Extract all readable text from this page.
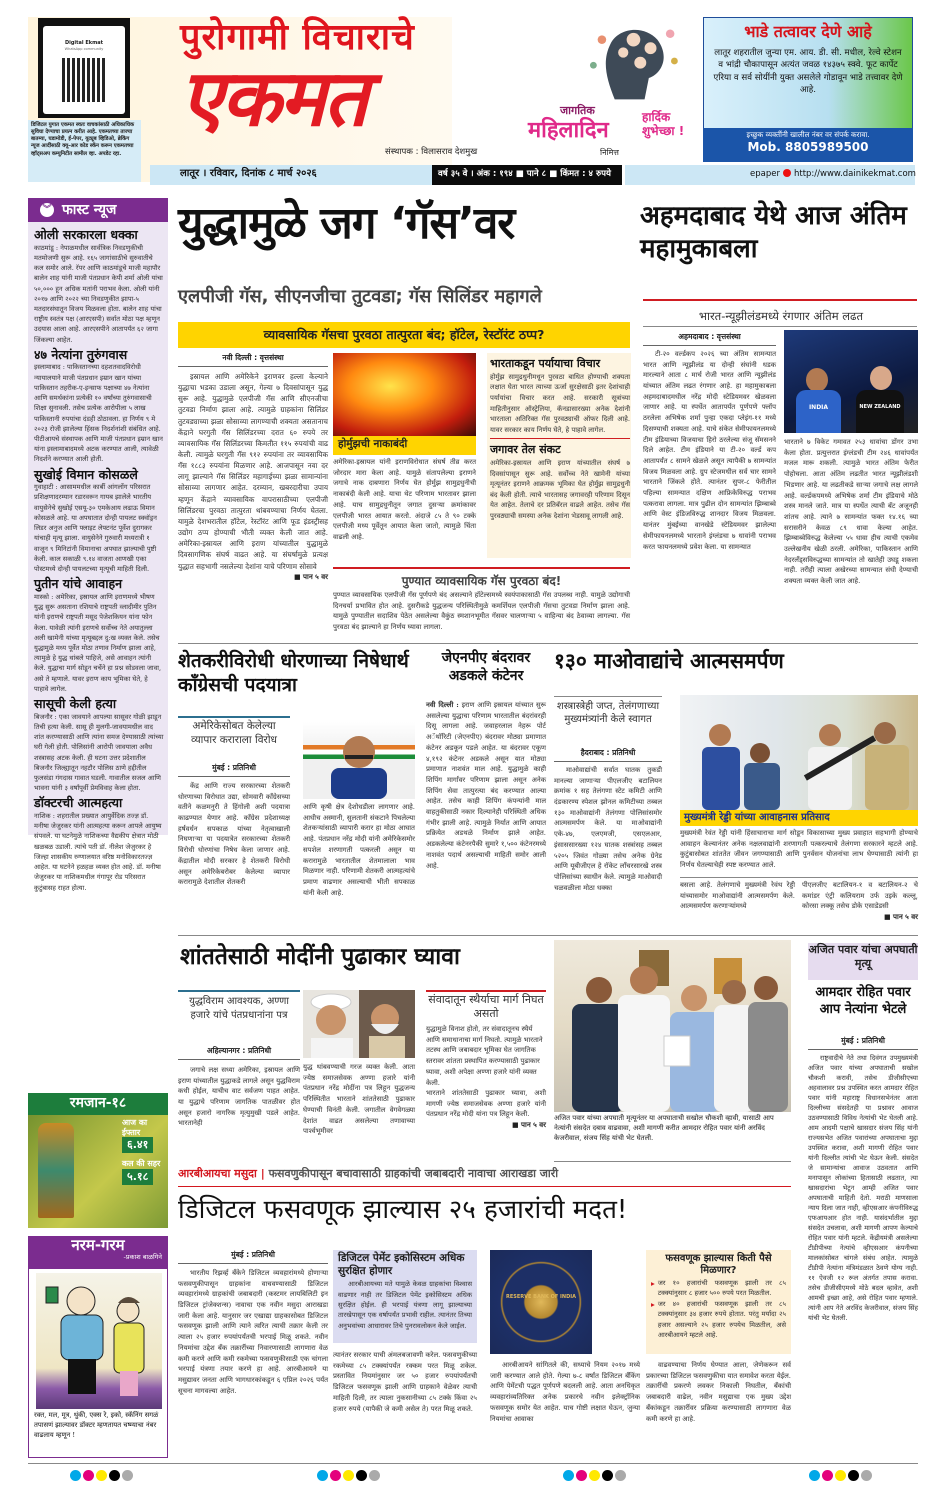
Digital Ekmat
WhatsApp community
डिजिटल युगात एकमत स्वतः वाचकांसाठी अधिकाधिक सुविधा देण्याचा प्रयत्न करीत आहे. एकमतच्या ताज्या बातम्या, घडामोडी, ई-पेपर, यूट्यूब व्हिडिओ, ब्रेकिंग न्यूज आदींसाठी क्यू-आर कोड स्कॅन करून एकमतच्या व्हॉट्सअप कम्युनिटीत सामील व्हा. अपडेट रहा.
पुरोगामी विचाराचे
एकमत
संस्थापक : विलासराव देशमुख
जागतिक
महिलादिन
हार्दिक शुभेच्छा !
निमित्त
भाडे तत्वावर देणे आहे
लातूर शहरातील जुन्या एम. आय. डी. सी. मधील, रेल्वे स्टेशन व भांद्री चौकापासून अत्यंत जवळ १४३७५ स्क्वे. फूट कार्पेट एरिया व सर्व सोयींनी युक्त असलेले गोडावून भाडे तत्त्वावर देणे आहे.
इच्छुक व्यक्तींनी खालील नंबर वर संपर्क करावा.
Mob. 8805989500
लातूर । रविवार, दिनांक ८ मार्च २०२६	वर्ष ३५ वे । अंक : १९४ ■ पाने ८ ■ किंमत : ४ रुपये	epaper http://www.dainikekmat.com
︾ फास्ट न्यूज
ओली सरकारला धक्का
काठमांडू : नेपाळमधील सार्वत्रिक निवडणुकीची मतमोजणी सुरू आहे. १६५ जागांसाठीचे सुरुवातीचे कल समोर आले. रॅपर आणि काठमांडूचे माजी महापौर बालेन शाह यांनी माजी पंतप्रधान केपी शर्मा ओली यांचा ५०,००० हून अधिक मतांनी पराभव केला. ओली यांनी २०१७ आणि २०२२ च्या निवडणुकीत झापा-५ मतदारसंघातून विजय मिळवला होता. बालेन शाह यांचा राष्ट्रीय स्वतंत्र पक्ष (आरएसपी) सर्वात मोठा पक्ष म्हणून उदयास आला आहे. आरएसपीने आतापर्यंत ६२ जागा जिंकल्या आहेत.
४७ नेत्यांना तुरुंगवास
इस्लामाबाद : पाकिस्तानच्या दहशतवादविरोधी न्यायालयाने माजी पंतप्रधान इम्रान खान यांच्या पाकिस्तान तहरीक-ए-इन्साफ पक्षाच्या ४७ नेत्यांना आणि समर्थकांना प्रत्येकी १० वर्षांच्या तुरुंगवासाची शिक्षा सुनावली. तसेच प्रत्येक आरोपीला ५ लाख पाकिस्तानी रुपयांचा दंडही ठोठावला. हा निर्णय ९ मे २०२३ रोजी झालेल्या हिंसक निदर्शनांशी संबंधित आहे. पीटीआयचे संस्थापक आणि माजी पंतप्रधान इम्रान खान यांना इस्लामाबादमध्ये अटक करण्यात आली, त्यावेळी निदर्शने करण्यात आली होती.
सुखोई विमान कोसळले
गुवाहाटी : आसाममधील कार्बी आंगलोंग परिसरात प्रशिक्षणादरम्यान रडारवरून गायब झालेले भारतीय वायुसेनेचे सुखोई एसयू-३० एमकेआय लढाऊ विमान कोसळले आहे. या अपघातात दोन्ही पायलट स्क्वॉड्रन लिडर अनुज आणि फ्लाइट लेफ्टनंट पूर्वेश दुरागकर यांचाही मृत्यू झाला. वायुसेनेने गुरुवारी मध्यरात्री १ वाजून ९ मिनिटांनी विमानाचा अपघात झाल्याची पुष्टी केली. काल सकाळी ९.१४ वाजता आणखी एका पोस्टमध्ये दोन्ही पायलटच्या मृत्यूची माहिती दिली.
पुतीन यांचे आवाहन
मास्को : अमेरिका, इस्रायल आणि इराणमध्ये भीषण युद्ध सुरू असताना रशियाचे राष्ट्रपती व्लादीमीर पुतिन यांनी इराणचे राष्ट्रपती मसूद पेजेशकियन यांना फोन केला. यावेळी त्यांनी इराणचे सर्वोच्च नेते अयातुल्ला अली खामेनी यांच्या मृत्यूबद्दल दु:ख व्यक्त केले. तसेच युद्धामुळे मध्य पूर्वेत मोठा तणाव निर्माण झाला आहे, त्यामुळे हे युद्ध थांबले पाहिजे, असे आवाहन त्यांनी केले. युद्धाचा मार्ग सोडून चर्चेने हा प्रश्न सोडवला जावा, असे ते म्हणाले. यावर इराण काय भूमिका घेते, हे पाहावे लागेल.
सासूची केली हत्या
बिजनौर : एका जावयाने आपल्या सासूवर गोळी झाडून तिची हत्या केली. सासू ही मुलगी-जावयामधील वाद शांत करण्यासाठी आणि त्यांना समज देण्यासाठी त्यांच्या घरी गेली होती. पोलिसांनी आरोपी जावयाला अवैध शस्त्रासह अटक केली. ही घटना उत्तर प्रदेशातील बिजनौर जिल्ह्यातून नहटौर पोलिस ठाणे हद्दीतील फुलसंडा गंगदास गावात घडली. गावातील सजल आणि भावना यांनी ३ वर्षांपूर्वी प्रेमविवाह केला होता.
डॉक्टरची आत्महत्या
नाशिक : शहरातील प्रख्यात आयुर्वेदिक तज्ज्ञ डॉ. मनीषा जेजुरकर यांनी आत्महत्या करून आपले आयुष्य संपवले. या घटनेमुळे नाशिकच्या वैद्यकीय क्षेत्रात मोठी खळबळ उडाली. त्यांचे पती डॉ. नीलेश जेजुरकर हे जिल्हा शासकीय रुग्णालयात वरिष्ठ मनोविकारतज्ज्ञ आहेत. या घटनेने हळहळ व्यक्त होत आहे. डॉ. मनीषा जेजुरकर या नाशिकमधील गंगापूर रोड परिसरात कुटुंबासह राहत होत्या.
रमजान-१८
आज का ईफ्तार
६.४१
कल की सहर
५.१८
नरम-गरम
-प्रकाश बाळगिने
रक्त, मल, मूत्र, थुंकी, एक्स रे, इको, स्कॅनिंग सगळं तपासणं झाल्यावर डॉक्टर म्हणतायत चष्म्याचा नंबर वाढलाय म्हणून !
युद्धामुळे जग ‘गॅस’वर
एलपीजी गॅस, सीएनजीचा तुटवडा; गॅस सिलिंडर महागले
व्यावसायिक गॅसचा पुरवठा तात्पुरता बंद; हॉटेल, रेस्टॉरंट ठप्प?
नवी दिल्ली : वृत्तसंस्था
इस्रायल आणि अमेरिकेने इराणवर हल्ला केल्याने युद्धाचा भडका उडाला असून, गेल्या ७ दिवसांपासून युद्ध सुरू आहे. युद्धामुळे एलपीजी गॅस आणि सीएनजीचा तुटवडा निर्माण झाला आहे. त्यामुळे ग्राहकांना सिलिंडर तुटवड्याच्या झळा सोसाव्या लागण्याची शक्यता असतानाच केंद्राने घरगुती गॅस सिलिंडरच्या दरात ६० रुपये तर व्यावसायिक गॅस सिलिंडरच्या किमतीत ११५ रुपयांची वाढ केली. त्यामुळे घरगुती गॅस ९१२ रुपयांना तर व्यावसायिक गॅस १८८३ रुपयांना मिळणार आहे. आजपासून नवा दर लागू झाल्याने गॅस सिलिंडर महागाईच्या झळा सामान्यांना सोसाव्या लागणार आहेत. दरम्यान, खबरदारीचा उपाय म्हणून केंद्राने व्यावसायिक वापरासाठीच्या एलपीजी सिलिंडरचा पुरवठा तात्पुरता थांबवण्याचा निर्णय घेतला. यामुळे देशभरातील हॉटेल, रेस्टॉरंट आणि फूड इंडस्ट्रीसह उद्योग ठप्प होण्याची भीती व्यक्त केली जात आहे. अमेरिका-इस्रायल आणि इराण यांच्यातील युद्धामुळे दिवसागणिक संघर्ष वाढत आहे. या संघर्षामुळे प्रत्यक्ष युद्धात सहभागी नसलेल्या देशांना याचे परिणाम सोसावे
■ पान ५ वर
होर्मुझची नाकाबंदी
अमेरिका-इस्रायल यांनी इराणविरोधात संघर्ष तीव्र करत जोरदार मारा केला आहे. यामुळे संतापलेल्या इराणने जगाचे नाक दाबणारा निर्णय घेत होर्मुझ सामुद्रधुनीची नाकाबंदी केली आहे. याचा थेट परिणाम भारतावर झाला आहे. याच सामुद्रधुनीतून जगात दुसऱ्या क्रमांकावर एलपीजी भारत आयात करतो. अंदाजे ८५ ते ९० टक्के एलपीजी मध्य पूर्वेतून आयात केला जातो, त्यामुळे चिंता वाढली आहे.
भारताकडून पर्यायाचा विचार
होर्मुझ सामुद्रधुनीमधून पुरवठा बाधित होण्याची शक्यता लक्षात घेता भारत त्याच्या ऊर्जा सुरक्षेसाठी इतर देशांचाही पर्यायांचा विचार करत आहे. सरकारी सूत्रांच्या माहितीनुसार ऑस्ट्रेलिया, कॅनडासारख्या अनेक देशांनी भारताला अतिरिक्त गॅस पुरवठ्याची ऑफर दिली आहे. यावर सरकार काय निर्णय घेते, हे पाहावे लागेल.
जगावर तेल संकट
अमेरिका-इस्रायल आणि इराण यांच्यातील संघर्ष ७ दिवसांपासून सुरू आहे. सर्वोच्च नेते खामेनी यांच्या मृत्यूनंतर इराणने आक्रमक भूमिका घेत होर्मुझ सामुद्रधुनी बंद केली होती. त्याचे भारतासह जगावरही परिणाम दिसून येत आहेत. तेलाचे दर प्रतिबॅरल वाढले आहेत. तसेच गॅस पुरवठ्याची समस्या अनेक देशांना भेडसावू लागली आहे.
पुण्यात व्यावसायिक गॅस पुरवठा बंद!
पुण्यात व्यावसायिक एलपीजी गॅस पूर्णपणे बंद असल्याने हॉटेल्समध्ये स्वयंपाकासाठी गॅस उपलब्ध नाही. यामुळे उद्योगाची दिनचर्या प्रभावित होत आहे. दुसरीकडे युद्धजन्य परिस्थितीमुळे कमर्शियल एलपीजी गॅसचा तुटवडा निर्माण झाला आहे. यामुळे पुण्यातील सदाशिव पेठेत असलेल्या वैकुंठ स्मशानभूमीत गॅसवर चालणाऱ्या ५ वाहिन्या बंद ठेवाव्या लागल्या. गॅस पुरवठा बंद झाल्याने हा निर्णय घ्यावा लागला.
अहमदाबाद येथे आज अंतिम महामुकाबला
भारत-न्यूझीलंडमध्ये रंगणार अंतिम लढत
अहमदाबाद : वृत्तसंस्था
टी-२० वर्ल्डकप २०२६ च्या अंतिम सामन्यात भारत आणि न्यूझीलंड या दोन्ही संघांनी धडक मारल्याने आता ८ मार्च रोजी भारत आणि न्यूझीलंड यांच्यात अंतिम लढत रंगणार आहे. हा महामुकाबला अहमदाबादमधील नरेंद्र मोदी स्टेडियमवर खेळवला जाणार आहे. या स्पर्धेत आतापर्यंत पूर्णपणे फ्लॉप ठरलेला अभिषेक शर्मा पुन्हा एकदा प्लेइंग-११ मध्ये दिसण्याची शक्यता आहे. याचे संकेत सेमीफायनलमध्ये टीम इंडियाच्या विजयाचा हिरो ठरलेल्या संजू सॅमसनने दिले आहेत. टीम इंडियाने या टी-२० वर्ल्ड कप आतापर्यंत ८ सामने खेळले असून त्यापैकी ७ सामन्यांत विजय मिळवला आहे. ग्रुप स्टेजमधील सर्व चार सामने भारताने जिंकले होते. त्यानंतर सुपर-८ फेरीतील पहिल्या सामन्यात दक्षिण आफ्रिकेविरुद्ध पराभव पत्करावा लागला. मात्र पुढील दोन सामन्यांत झिम्बाब्वे आणि वेस्ट इंडिजविरुद्ध शानदार विजय मिळवला. यानंतर मुंबईच्या वानखेडे स्टेडियमवर झालेल्या सेमीफायनलमध्ये भारताने इंग्लंडचा ७ धावांनी पराभव करत फायनलमध्ये प्रवेश केला. या सामन्यात
INDIA	NEW ZEALAND
भारताने ७ विकेट गमावत २५३ धावांचा डोंगर उभा केला होता. प्रत्युत्तरात इंग्लंडची टीम २४६ धावांपर्यंत मजल मारू शकली. त्यामुळे भारत अंतिम फेरीत पोहोचला. आता अंतिम लढतीत भारत न्यूझीलंडशी भिडणार आहे. या लढतीकडे साऱ्या जगाचे लक्ष लागले आहे. वर्ल्डकपमध्ये अभिषेक शर्मा टीम इंडियाचे मोठे शस्त्र मानले जाते. मात्र या स्पर्धेत त्याची बॅट अजूनही शांतच आहे. त्याने ७ सामन्यांत फक्त १४.१६ च्या सरासरीने केवळ ८९ धावा केल्या आहेत. झिम्बाब्वेविरुद्ध केलेल्या ५५ धावा हीच त्याची एकमेव उल्लेखनीय खेळी ठरली. अमेरिका, पाकिस्तान आणि नेदरलँड्सविरुद्धच्या सामन्यांत तो खातेही उघडू शकला नाही. तरीही त्याला अखेरच्या सामन्यात संधी देण्याची शक्यता व्यक्त केली जात आहे.
शेतकरीविरोधी धोरणाच्या निषेधार्थ काँग्रेसची पदयात्रा
अमेरिकेसोबत केलेल्या व्यापार कराराला विरोध
मुंबई : प्रतिनिधी
केंद्र आणि राज्य सरकारच्या शेतकरी धोरणाच्या विरोधात उद्या, सोमवारी काँग्रेसच्या वतीने कळमनुरी ते हिंगोली अशी पदयात्रा काढण्यात येणार आहे. काँग्रेस प्रदेशाध्यक्ष हर्षवर्धन सपकाळ यांच्या नेतृत्वाखाली निघणाऱ्या या पदयात्रेत सरकारच्या शेतकरी विरोधी धोरणांचा निषेध केला जाणार आहे. केंद्रातील मोदी सरकार हे शेतकरी विरोधी असून अमेरिकेबरोबर केलेल्या व्यापार करारामुळे देशातील शेतकरी
आणि कृषी क्षेत्र देशोधडीला लागणार आहे. आधीच अस्मानी, सुलतानी संकटाने पिचलेल्या शेतकऱ्यांसाठी व्यापारी करार हा मोठा आघात आहे. पंतप्रधान नरेंद्र मोदी यांनी अमेरिकेसमोर सपशेल शरणागती पत्करली असून या करारामुळे भारतातील शेतमालाला भाव मिळणार नाही. परिणामी शेतकरी आत्महत्यांचे प्रमाण वाढणार असल्याची भीती सपकाळ यांनी केली आहे.
जेएनपीए बंदरावर अडकले कंटेनर
नवी दिल्ली : इराण आणि इस्रायल यांच्यात सुरू असलेल्या युद्धाचा परिणाम भारतातील बंदरांवरही दिसू लागला आहे. जवाहरलाल नेहरू पोर्ट अॅथॉरिटी (जेएनपीए) बंदरावर मोठ्या प्रमाणात कंटेनर अडकून पडले आहेत. या बंदरावर एकूण ४,१९२ कंटेनर अडकले असून यात मोठ्या प्रमाणात नाशवंत माल आहे. युद्धामुळे काही शिपिंग मार्गांवर परिणाम झाला असून अनेक शिपिंग सेवा तात्पुरत्या बंद करण्यात आल्या आहेत. तसेच काही शिपिंग कंपन्यांनी माल वाहतुकीसाठी नकार दिल्यानेही परिस्थिती अधिक गंभीर झाली आहे. त्यामुळे निर्यात आणि आयात प्रक्रियेत अडथळे निर्माण झाले आहेत. अडकलेल्या कंटेनरपैकी सुमारे १,५०० कंटेनरमध्ये नाशवंत पदार्थ असल्याची माहिती समोर आली आहे.
१३० माओवाद्यांचे आत्मसमर्पण
शस्त्रास्त्रेही जप्त, तेलंगणाच्या मुख्यमंत्र्यांनी केले स्वागत
हैदराबाद : प्रतिनिधी
माओवाद्यांची सर्वात घातक तुकडी मानल्या जाणाऱ्या पीएलजीए बटालियन क्रमांक १ सह तेलंगणा स्टेट कमिटी आणि दंडकारण्य स्पेशल झोनल कमिटीच्या तब्बल १३० माओवाद्यांनी तेलंगणा पोलिसांसमोर आत्मसमर्पण केले. या माओवाद्यांनी एके-४७, एलएमजी, एसएलआर, इंसाससारख्या १२४ घातक शस्त्रांसह तब्बल ५२०५ जिवंत गोळ्या तसेच अनेक ग्रेनेड आणि यूबीजीएल हे रॉकेट लाँचरसारखे शस्त्र पोलिसांच्या स्वाधीन केले. त्यामुळे माओवादी चळवळीला मोठा धक्का
मुख्यमंत्री रेड्डी यांच्या आवाहनास प्रतिसाद
मुख्यमंत्री रेवंत रेड्डी यांनी हिंसाचाराचा मार्ग सोडून विकासाच्या मुख्य प्रवाहात सहभागी होण्याचे आवाहन केल्यानंतर अनेक नक्षलवाद्यांनी शरणागती पत्करल्याचे तेलंगणा सरकारने म्हटले आहे. कुटुंबासोबत शांततेत जीवन जगण्यासाठी आणि पुनर्वसन योजनांचा लाभ घेण्यासाठी त्यांनी हा निर्णय घेतल्याचेही स्पष्ट करण्यात आले.
बसला आहे. तेलंगणाचे मुख्यमंत्री रेवंथ रेड्डी यांच्यासमोर माओवाद्यांनी आत्मसमर्पण केले. आत्मसमर्पण करणाऱ्यांमध्ये
पीएलजीए बटालियन-१ व बटालियन-२ चे कमांडर एंट्री कलियराम उर्फ उइके कल्लू, कोरसा लक्कू तसेच डोके एसाडेडसी
■ पान ५ वर
शांततेसाठी मोदींनी पुढाकार घ्यावा
युद्धविराम आवश्यक, अण्णा हजारे यांचे पंतप्रधानांना पत्र
अहिल्यानगर : प्रतिनिधी
जगाचे लक्ष सध्या अमेरिका, इस्रायल आणि इराण यांच्यातील युद्धाकडे लागले असून युद्धविराम कधी होईल, याचीच वाट सर्वजण पाहत आहेत. या युद्धाचे परिणाम जागतिक पातळीवर होत असून हजारो नागरिक मृत्युमुखी पडले आहेत. भारतानेही
युद्ध थांबवण्याची गरज व्यक्त केली. आता ज्येष्ठ समाजसेवक अण्णा हजारे यांनी पंतप्रधान नरेंद्र मोदींना पत्र लिहून युद्धजन्य परिस्थितीत भारताने शांततेसाठी पुढाकार घेण्याची विनंती केली. जगातील वेगवेगळ्या देशांत वाढत असलेल्या तणावाच्या पार्श्वभूमीवर
संवादातून स्थैर्याचा मार्ग निघत असतो
युद्धामुळे विनाश होतो, तर संवादातूनच स्थैर्य आणि समाधानाचा मार्ग निघतो. त्यामुळे भारताने तटस्थ आणि जबाबदार भूमिका घेत जागतिक स्तरावर शांतता प्रस्थापित करण्यासाठी पुढाकार घ्यावा, अशी अपेक्षा अण्णा हजारे यांनी व्यक्त केली.
भारताने शांततेसाठी पुढाकार घ्यावा, अशी मागणी ज्येष्ठ समाजसेवक अण्णा हजारे यांनी पंतप्रधान नरेंद्र मोदी यांना पत्र लिहून केली.
■ पान ५ वर
अजित पवार यांच्या अपघाती मृत्यूनंतर या अपघाताची सखोल चौकशी व्हावी, यासाठी आप नेत्यांनी संसदेत दबाव वाढवावा, अशी मागणी करीत आमदार रोहित पवार यांनी अरविंद केजरीवाल, संजय सिंह यांची भेट घेतली.
अजित पवार यांचा अपघाती मृत्यू
आमदार रोहित पवार आप नेत्यांना भेटले
मुंबई : प्रतिनिधी
राष्ट्रवादीचे नेते तथा दिवंगत उपमुख्यमंत्री अजित पवार यांच्या अपघाताची सखोल चौकशी करावी, तसेच डीजीसीएच्या अहवालावर प्रश्न उपस्थित करत आमदार रोहित पवार यांनी महाराष्ट्र विधानसभेनंतर आता दिल्लीच्या संसदेतही या प्रश्नावर आवाज उठवण्यासाठी विविध नेत्यांची भेट घेतली आहे. आम आदमी पक्षाचे खासदार संजय सिंह यांनी राज्यसभेत अजित पवारांच्या अपघाताचा मुद्दा उपस्थित करावा, अशी मागणी रोहित पवार यांनी दिल्लीत त्यांची भेट घेऊन केली. संसदेत जे सामान्यांचा आवाज उठवतात आणि मनापासून लोकांच्या हितासाठी लढतात, त्या खासदारांचा भेटून आम्ही अजित पवार अपघाताची माहिती देतो. मराठी माणसाला न्याय दिला जात नाही, व्हीएसआर कंपनीविरुद्ध एफआयआर होत नाही. यासंदर्भातील मुद्दा संसदेत उचलावा, अशी मागणी आपण केल्याचे रोहित पवार यांनी म्हटले. केंद्रीयमंत्री असलेल्या टीडीपीच्या नेत्यांचे व्हीएसआर कंपनीच्या मालकांसोबत चांगले संबंध आहेत. त्यामुळे टीडीपी नेत्यांना मंत्रिमंडळात ठेवणे योग्य नाही. ११ ऐवजी १२ रूल अंतर्गत तपास करावा. तसेच डीजीसीएमध्ये मोठे बदल व्हावेत, अशी आमची इच्छा आहे, असे रोहित पवार म्हणाले. त्यांनी आप नेते अरविंद केजरीवाल, संजय सिंह यांची भेट घेतली.
आरबीआयचा मसुदा | फसवणुकीपासून बचावासाठी ग्राहकांची जबाबदारी नावाचा आराखडा जारी
डिजिटल फसवणूक झाल्यास २५ हजारांची मदत!
मुंबई : प्रतिनिधी
भारतीय रिझर्व्ह बँकेने डिजिटल व्यवहारांमध्ये होणाऱ्या फसवणुकीपासून ग्राहकांना वाचवण्यासाठी डिजिटल व्यवहारांमध्ये ग्राहकांची जबाबदारी (कस्टमर लायबिलिटी इन डिजिटल ट्रांजेक्शन्स) नावाचा एक नवीन मसुदा आराखडा जारी केला आहे. यानुसार जर एखाद्या ग्राहकासोबत डिजिटल फसवणूक झाली आणि त्याने त्वरित त्याची तक्रार केली तर त्याला २५ हजार रुपयांपर्यंतची भरपाई मिळू शकते. नवीन नियमांचा उद्देश बँक तक्रारींच्या निवारणासाठी लागणारा वेळ कमी करणे आणि कमी रकमेच्या फसवणुकीसाठी एक चांगला भरपाई यंत्रणा तयार करणे हा आहे. आरबीआयने या मसुद्यावर जनता आणि भागधारकांकडून ६ एप्रिल २०२६ पर्यंत सूचना मागवल्या आहेत.
डिजिटल पेमेंट इकोसिस्टम अधिक सुरक्षित होणार
आरबीआयच्या मते यामुळे केवळ ग्राहकांचा विश्वास वाढणार नाही तर डिजिटल पेमेंट इकोसिस्टम अधिक सुरक्षित होईल. ही भरपाई यंत्रणा लागू झाल्याच्या तारखेपासून एक वर्षापर्यंत प्रभावी राहील. त्यानंतर तिच्या अनुभवांच्या आधारावर तिचे पुनरावलोकन केले जाईल.
त्यानंतर सरकार याची अंमलबजावणी करेल. फसवणुकीच्या रकमेच्या ८५ टक्क्यांपर्यंत रक्कम परत मिळू शकेल. प्रस्तावित नियमांनुसार जर ५० हजार रुपयांपर्यंतची डिजिटल फसवणूक झाली आणि ग्राहकाने वेळेवर त्याची माहिती दिली, तर त्याला नुकसानीच्या ८५ टक्के किंवा २५ हजार रुपये (यापैकी जे कमी असेल ते) परत मिळू शकते.
RESERVE BANK OF INDIA
आरबीआयने सांगितले की, सध्याचे नियम २०१७ मध्ये जारी करण्यात आले होते. गेल्या ७-८ वर्षांत डिजिटल बँकिंग आणि पेमेंटची पद्धत पूर्णपणे बदलली आहे. आता अनधिकृत व्यवहारांव्यतिरिक्त अनेक प्रकारचे नवीन इलेक्ट्रॉनिक फसवणूक समोर येत आहेत. याच गोष्टी लक्षात घेऊन, जुन्या नियमांचा आवाका
फसवणूक झाल्यास किती पैसे मिळणार?
▸ जर १० हजारांची फसवणूक झाली तर ८५ टक्क्यांनुसार ८ हजार ५०० रुपये परत मिळतील.
▸ जर ४० हजारांची फसवणूक झाली तर ८५ टक्क्यांनुसार ३४ हजार रुपये होतात. परंतु मर्यादा २५ हजार असल्याने २५ हजार रुपयेच मिळतील, असे आरबीआयने म्हटले आहे.
वाढवण्याचा निर्णय घेण्यात आला, जेणेकरून सर्व प्रकारच्या डिजिटल फसवणुकीचा यात समावेश करता येईल. तक्रारींची प्रकरणे लवकर निकाली निघतील, बँकांची जबाबदारी वाढेल, नवीन मसुद्याचा एक मुख्य उद्देश बँकांकडून तक्रारींवर प्रक्रिया करण्यासाठी लागणारा वेळ कमी करणे हा आहे.
